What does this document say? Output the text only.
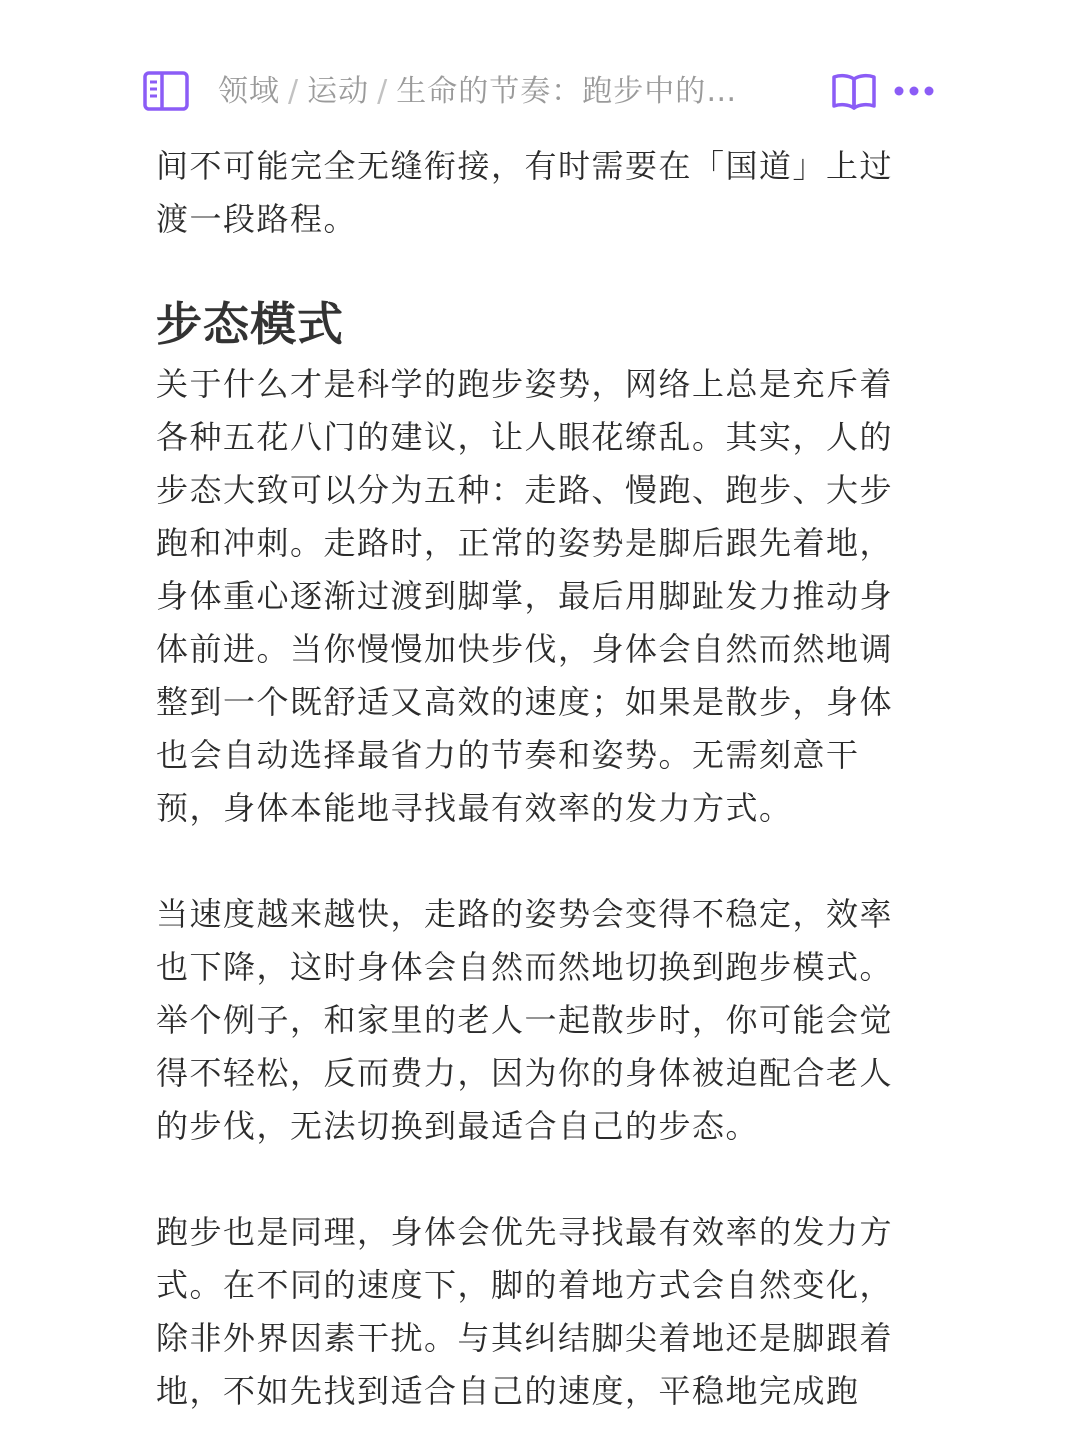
领域 / 运动 / 生命的节奏：跑步中的…

间不可能完全无缝衔接，有时需要在「国道」上过渡一段路程。

步态模式

关于什么才是科学的跑步姿势，网络上总是充斥着各种五花八门的建议，让人眼花缭乱。其实，人的步态大致可以分为五种：走路、慢跑、跑步、大步跑和冲刺。走路时，正常的姿势是脚后跟先着地，身体重心逐渐过渡到脚掌，最后用脚趾发力推动身体前进。当你慢慢加快步伐，身体会自然而然地调整到一个既舒适又高效的速度；如果是散步，身体也会自动选择最省力的节奏和姿势。无需刻意干预，身体本能地寻找最有效率的发力方式。

当速度越来越快，走路的姿势会变得不稳定，效率也下降，这时身体会自然而然地切换到跑步模式。举个例子，和家里的老人一起散步时，你可能会觉得不轻松，反而费力，因为你的身体被迫配合老人的步伐，无法切换到最适合自己的步态。

跑步也是同理，身体会优先寻找最有效率的发力方式。在不同的速度下，脚的着地方式会自然变化，除非外界因素干扰。与其纠结脚尖着地还是脚跟着地，不如先找到适合自己的速度，平稳地完成跑
